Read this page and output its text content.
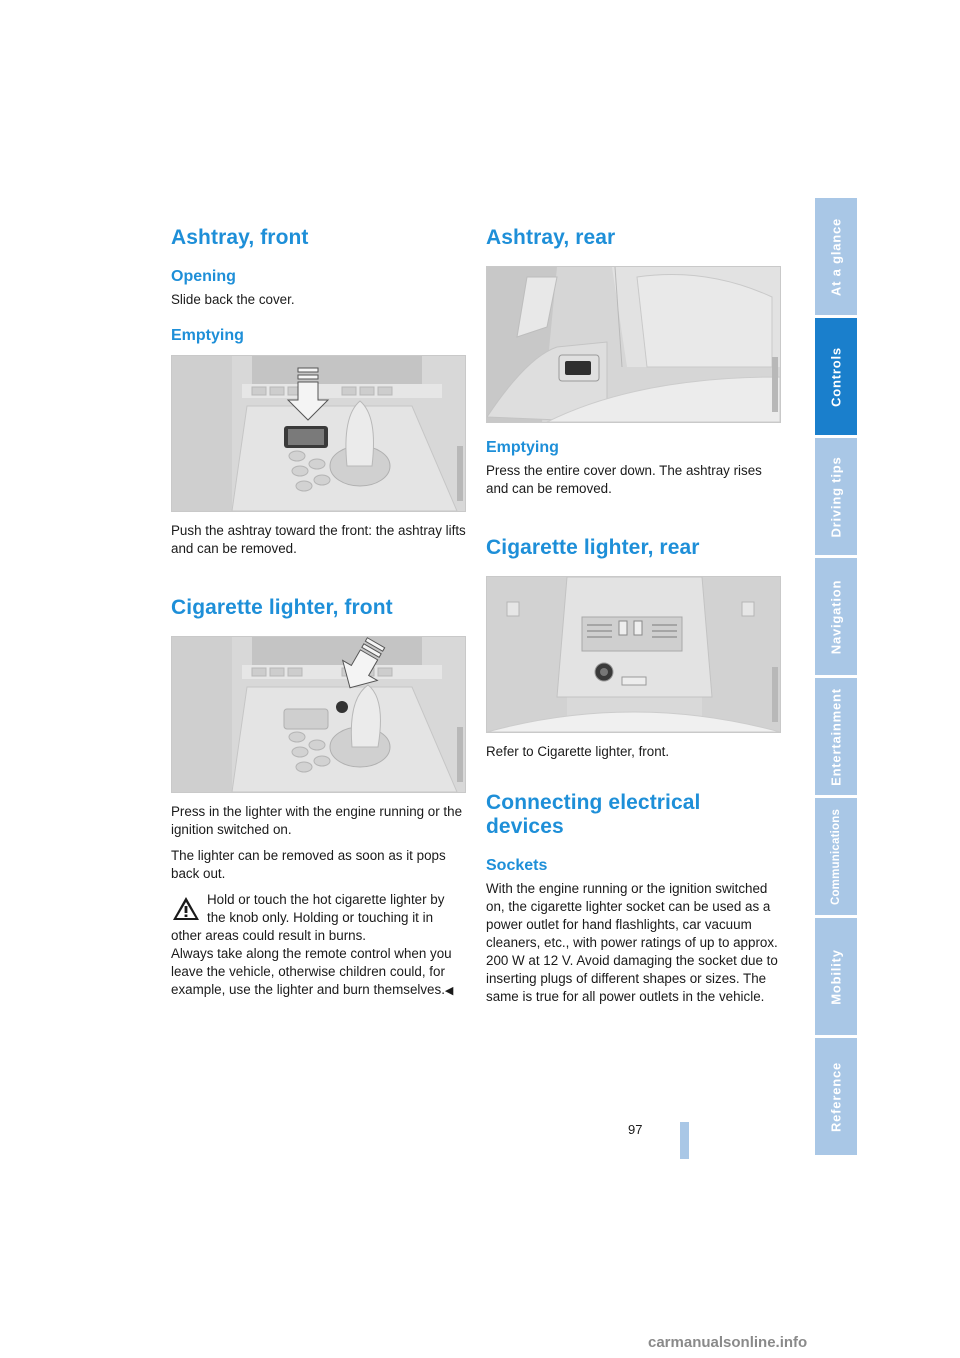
Ashtray, front
Opening

Slide back the cover.

Emptying

Push the ashtray toward the front: the ashtray lifts and can be removed.

Cigarette lighter, front

Press in the lighter with the engine running or the ignition switched on.

The lighter can be removed as soon as it pops back out.

Hold or touch the hot cigarette lighter by

the knob only. Holding or touching it in

other areas could result in burns.

Always take along the remote control when you leave the vehicle, otherwise children could, for example, use the lighter and burn themselves.◀

Ashtray, rear
Emptying

Press the entire cover down. The ashtray rises and can be removed.

Cigarette lighter, rear

Refer to Cigarette lighter, front.

Connecting electrical devices
Sockets

With the engine running or the ignition switched on, the cigarette lighter socket can be used as a power outlet for hand flashlights, car vacuum cleaners, etc., with power ratings of up to approx. 200 W at 12 V. Avoid damaging the socket due to inserting plugs of different shapes or sizes. The same is true for all power outlets in the vehicle.

At a glance
Controls
Driving tips
Navigation
Entertainment
Communications
Mobility
Reference
97
carmanualsonline.info
